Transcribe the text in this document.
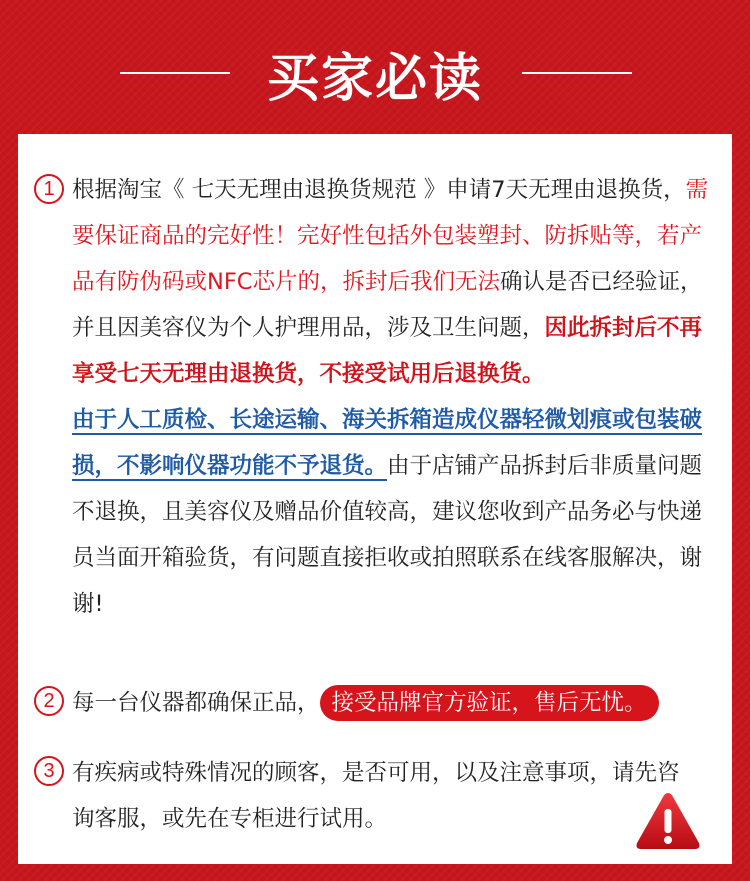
买家必读
1 根据淘宝《 七天无理由退换货规范 》申请7天无理由退换货，需要保证商品的完好性！完好性包括外包装塑封、防拆贴等，若产品有防伪码或NFC芯片的，拆封后我们无法确认是否已经验证，并且因美容仪为个人护理用品，涉及卫生问题，因此拆封后不再享受七天无理由退换货，不接受试用后退换货。
由于人工质检、长途运输、海关拆箱造成仪器轻微划痕或包装破损，不影响仪器功能不予退货。由于店铺产品拆封后非质量问题不退换，且美容仪及赠品价值较高，建议您收到产品务必与快递员当面开箱验货，有问题直接拒收或拍照联系在线客服解决，谢谢!
2 每一台仪器都确保正品， 接受品牌官方验证，售后无忧。
3 有疾病或特殊情况的顾客，是否可用，以及注意事项，请先咨询客服，或先在专柜进行试用。
